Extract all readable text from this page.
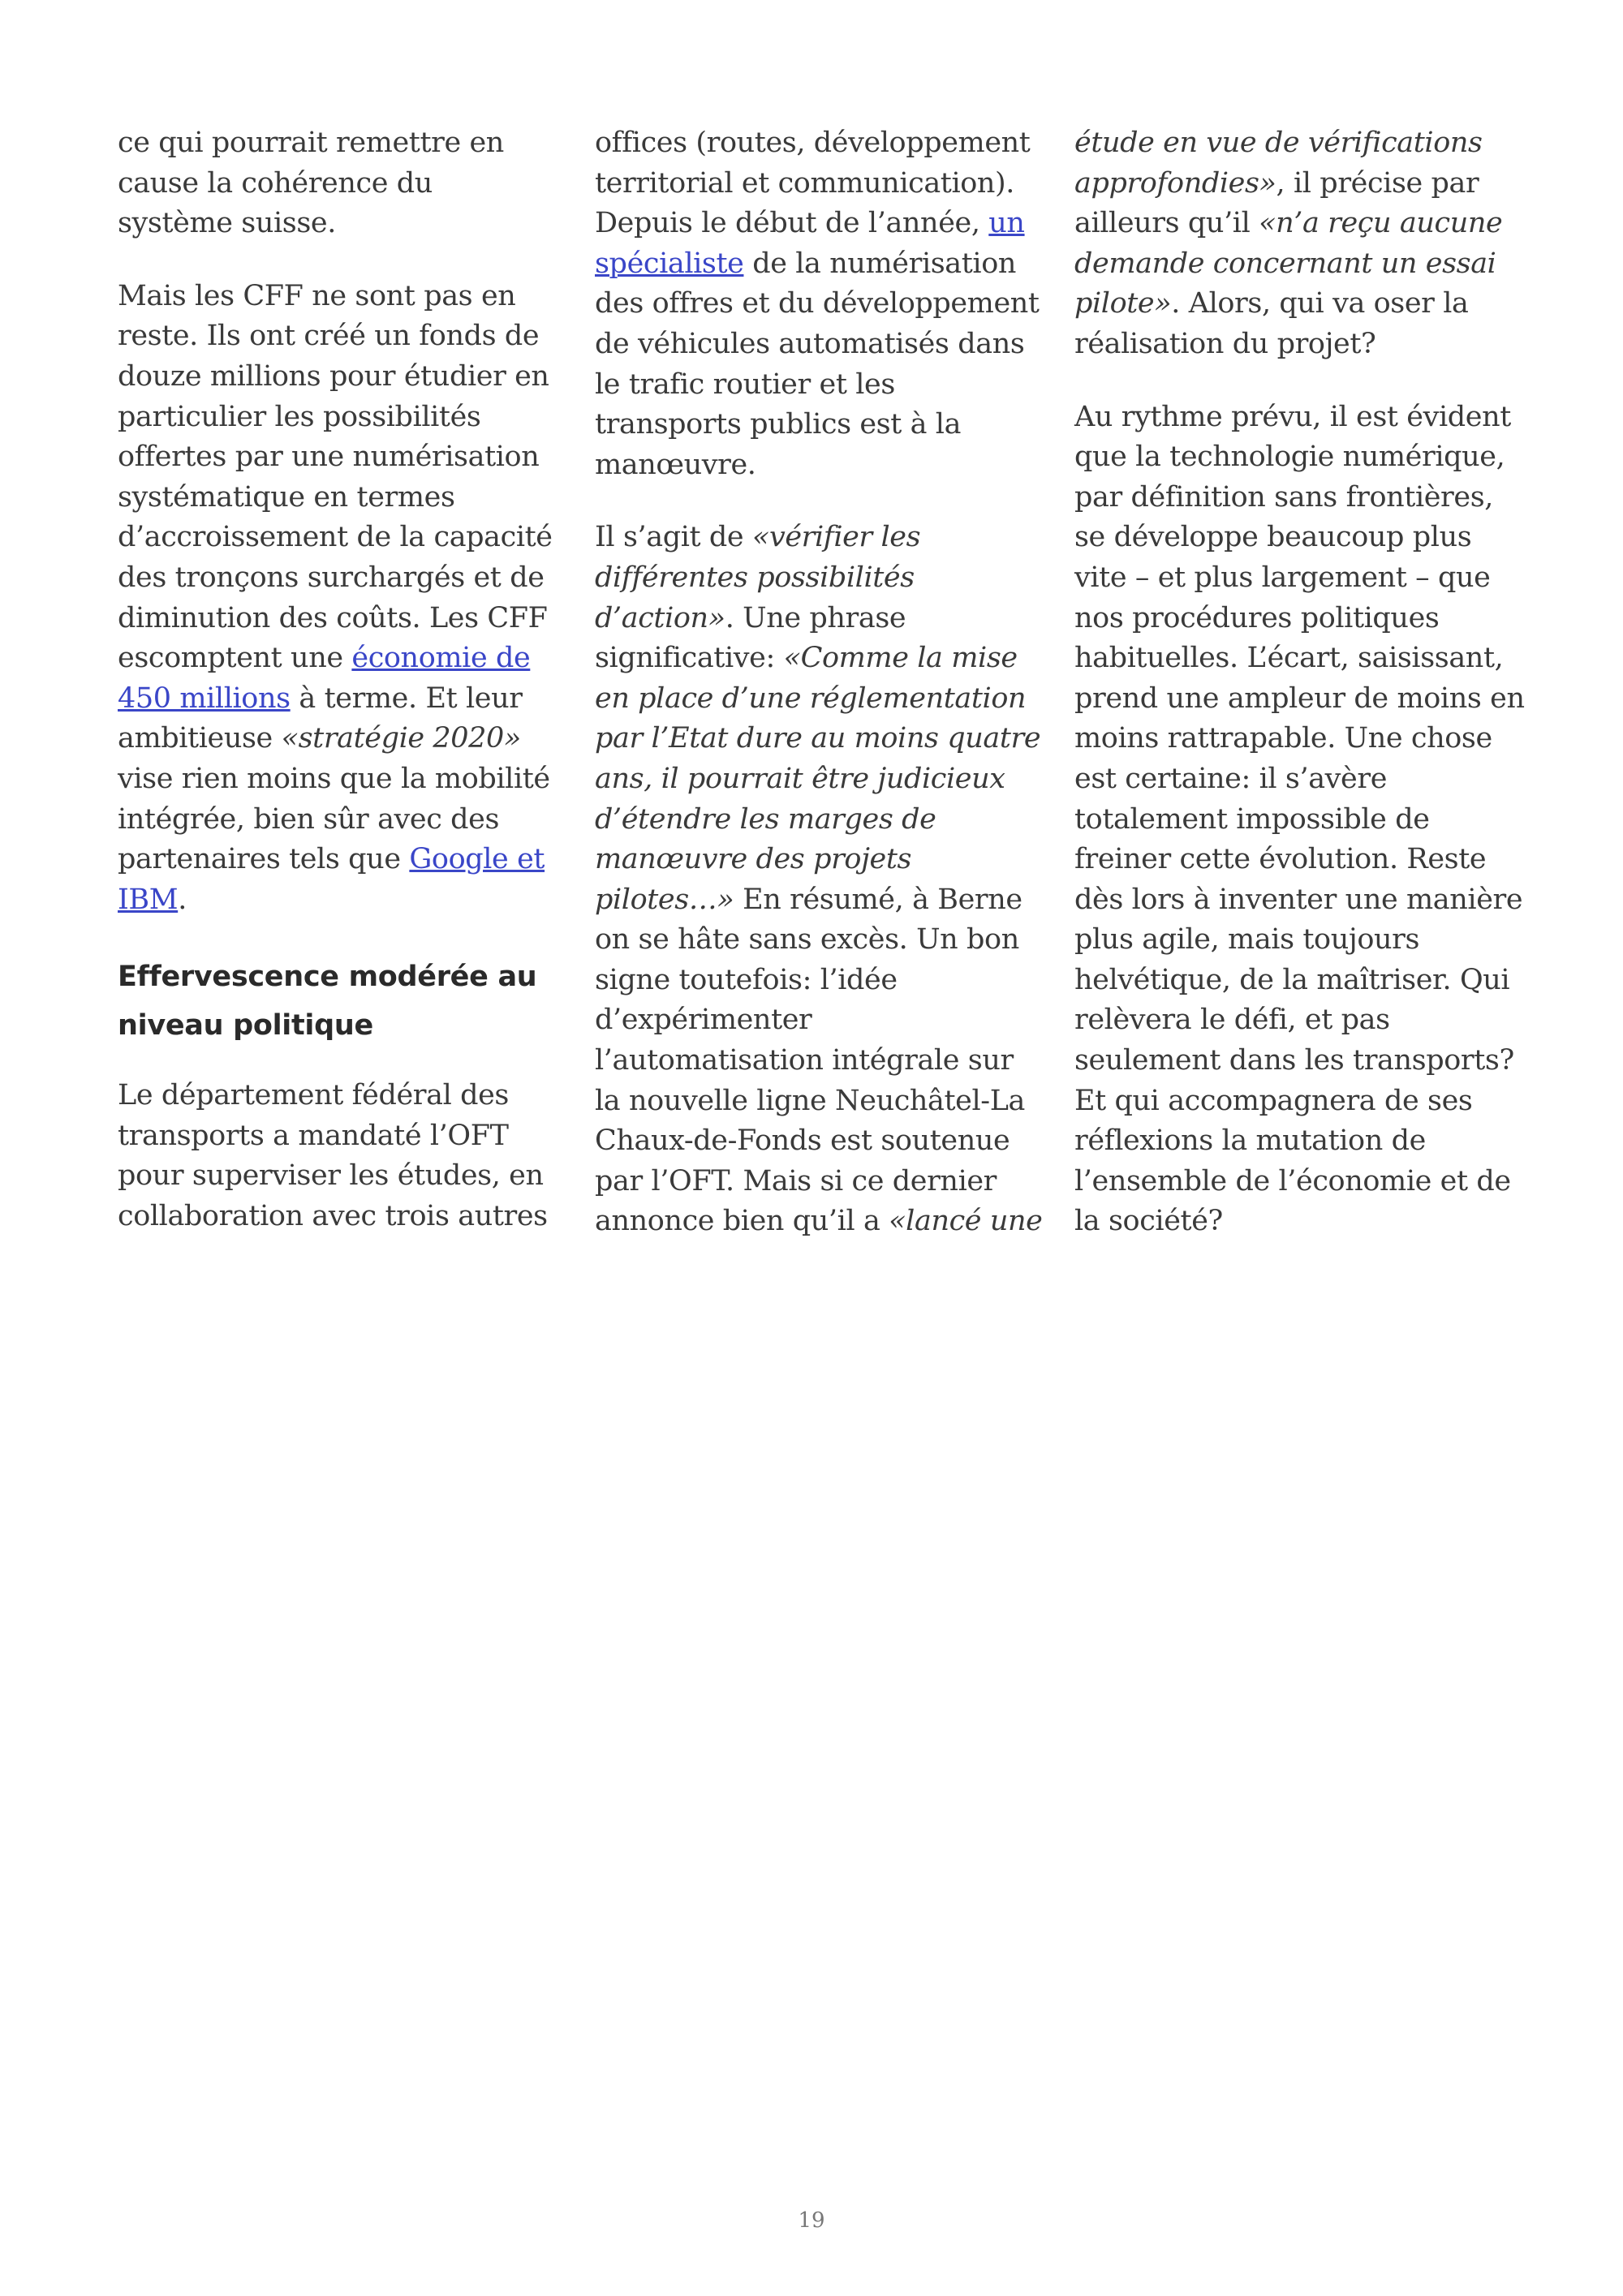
ce qui pourrait remettre en cause la cohérence du système suisse.

Mais les CFF ne sont pas en reste. Ils ont créé un fonds de douze millions pour étudier en particulier les possibilités offertes par une numérisation systématique en termes d’accroissement de la capacité des tronçons surchargés et de diminution des coûts. Les CFF escomptent une économie de 450 millions à terme. Et leur ambitieuse «stratégie 2020» vise rien moins que la mobilité intégrée, bien sûr avec des partenaires tels que Google et IBM.

Effervescence modérée au niveau politique

Le département fédéral des transports a mandaté l’OFT pour superviser les études, en collaboration avec trois autres

offices (routes, développement territorial et communication). Depuis le début de l’année, un spécialiste de la numérisation des offres et du développement de véhicules automatisés dans le trafic routier et les transports publics est à la manœuvre.

Il s’agit de «vérifier les différentes possibilités d’action». Une phrase significative: «Comme la mise en place d’une réglementation par l’Etat dure au moins quatre ans, il pourrait être judicieux d’étendre les marges de manœuvre des projets pilotes…» En résumé, à Berne on se hâte sans excès. Un bon signe toutefois: l’idée d’expérimenter l’automatisation intégrale sur la nouvelle ligne Neuchâtel-La Chaux-de-Fonds est soutenue par l’OFT. Mais si ce dernier annonce bien qu’il a «lancé une

étude en vue de vérifications approfondies», il précise par ailleurs qu’il «n’a reçu aucune demande concernant un essai pilote». Alors, qui va oser la réalisation du projet?

Au rythme prévu, il est évident que la technologie numérique, par définition sans frontières, se développe beaucoup plus vite – et plus largement – que nos procédures politiques habituelles. L’écart, saisissant, prend une ampleur de moins en moins rattrapable. Une chose est certaine: il s’avère totalement impossible de freiner cette évolution. Reste dès lors à inventer une manière plus agile, mais toujours helvétique, de la maîtriser. Qui relèvera le défi, et pas seulement dans les transports? Et qui accompagnera de ses réflexions la mutation de l’ensemble de l’économie et de la société?

19
